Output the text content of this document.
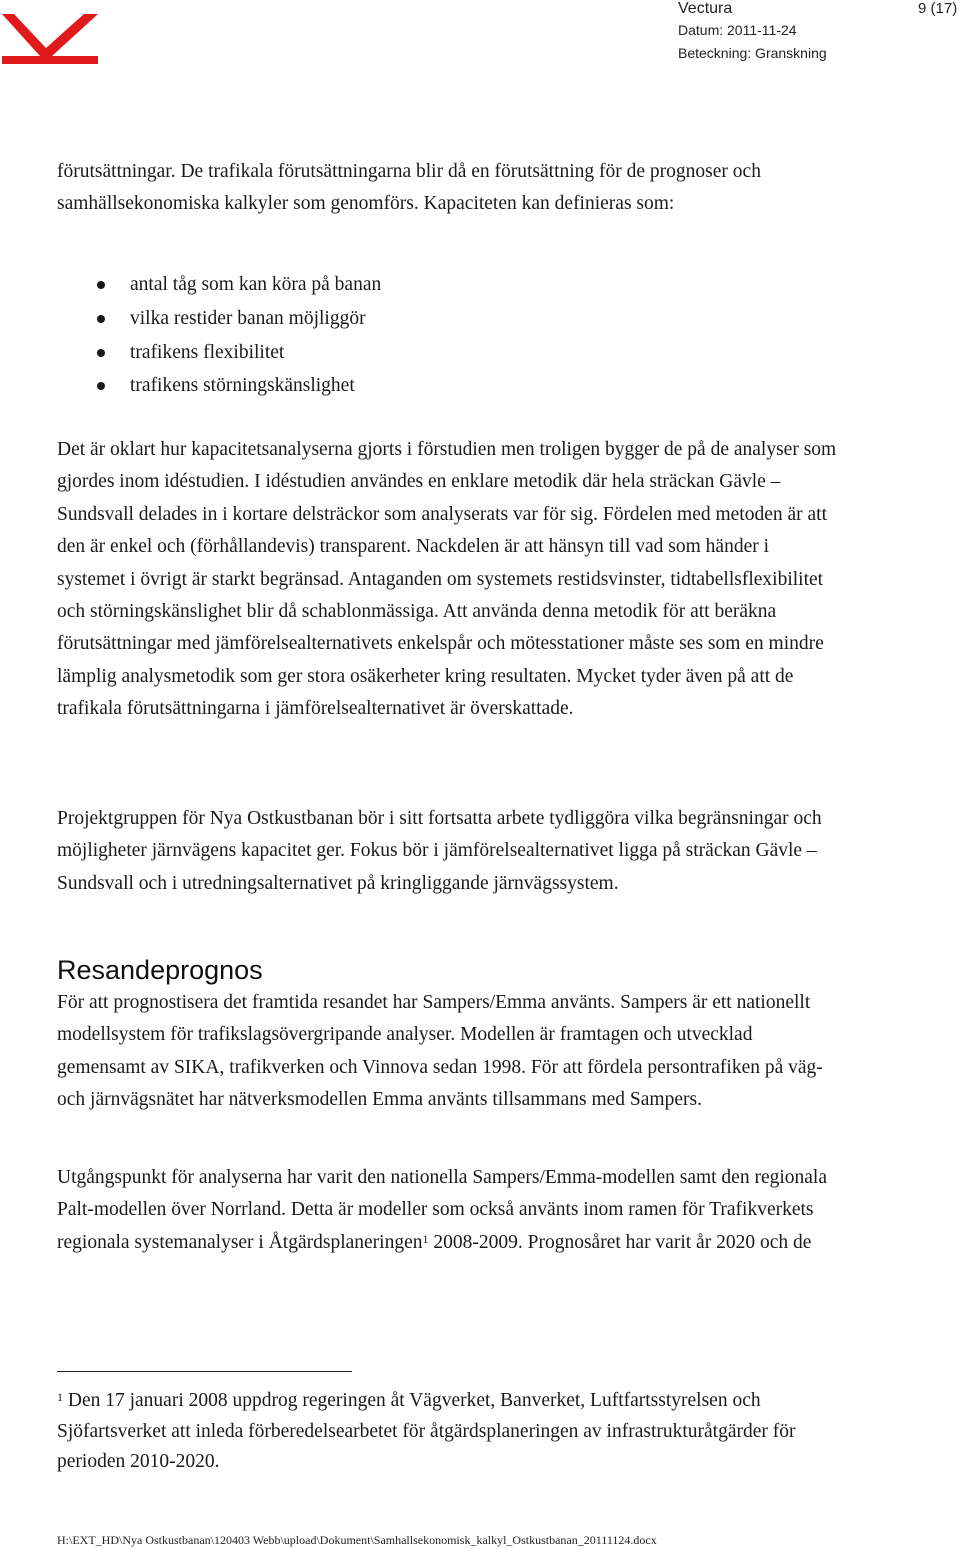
Vectura	9 (17)
Datum: 2011-11-24
Beteckning: Granskning

förutsättningar. De trafikala förutsättningarna blir då en förutsättning för de prognoser och samhällsekonomiska kalkyler som genomförs. Kapaciteten kan definieras som:

antal tåg som kan köra på banan
vilka restider banan möjliggör
trafikens flexibilitet
trafikens störningskänslighet

Det är oklart hur kapacitetsanalyserna gjorts i förstudien men troligen bygger de på de analyser som gjordes inom idéstudien. I idéstudien användes en enklare metodik där hela sträckan Gävle – Sundsvall delades in i kortare delsträckor som analyserats var för sig. Fördelen med metoden är att den är enkel och (förhållandevis) transparent. Nackdelen är att hänsyn till vad som händer i systemet i övrigt är starkt begränsad. Antaganden om systemets restidsvinster, tidtabellsflexibilitet och störningskänslighet blir då schablonmässiga. Att använda denna metodik för att beräkna förutsättningar med jämförelsealternativets enkelspår och mötesstationer måste ses som en mindre lämplig analysmetodik som ger stora osäkerheter kring resultaten. Mycket tyder även på att de trafikala förutsättningarna i jämförelsealternativet är överskattade.

Projektgruppen för Nya Ostkustbanan bör i sitt fortsatta arbete tydliggöra vilka begränsningar och möjligheter järnvägens kapacitet ger. Fokus bör i jämförelsealternativet ligga på sträckan Gävle – Sundsvall och i utredningsalternativet på kringliggande järnvägssystem.

Resandeprognos

För att prognostisera det framtida resandet har Sampers/Emma använts. Sampers är ett nationellt modellsystem för trafikslagsövergripande analyser. Modellen är framtagen och utvecklad gemensamt av SIKA, trafikverken och Vinnova sedan 1998. För att fördela persontrafiken på väg- och järnvägsnätet har nätverksmodellen Emma använts tillsammans med Sampers.

Utgångspunkt för analyserna har varit den nationella Sampers/Emma-modellen samt den regionala Palt-modellen över Norrland. Detta är modeller som också använts inom ramen för Trafikverkets regionala systemanalyser i Åtgärdsplaneringen$^1$ 2008-2009. Prognosåret har varit år 2020 och de

$^1$ Den 17 januari 2008 uppdrog regeringen åt Vägverket, Banverket, Luftfartsstyrelsen och Sjöfartsverket att inleda förberedelsearbetet för åtgärdsplaneringen av infrastrukturåtgärder för perioden 2010-2020.

H:\EXT_HD\Nya Ostkustbanan\120403 Webb\upload\Dokument\Samhallsekonomisk_kalkyl_Ostkustbanan_20111124.docx
